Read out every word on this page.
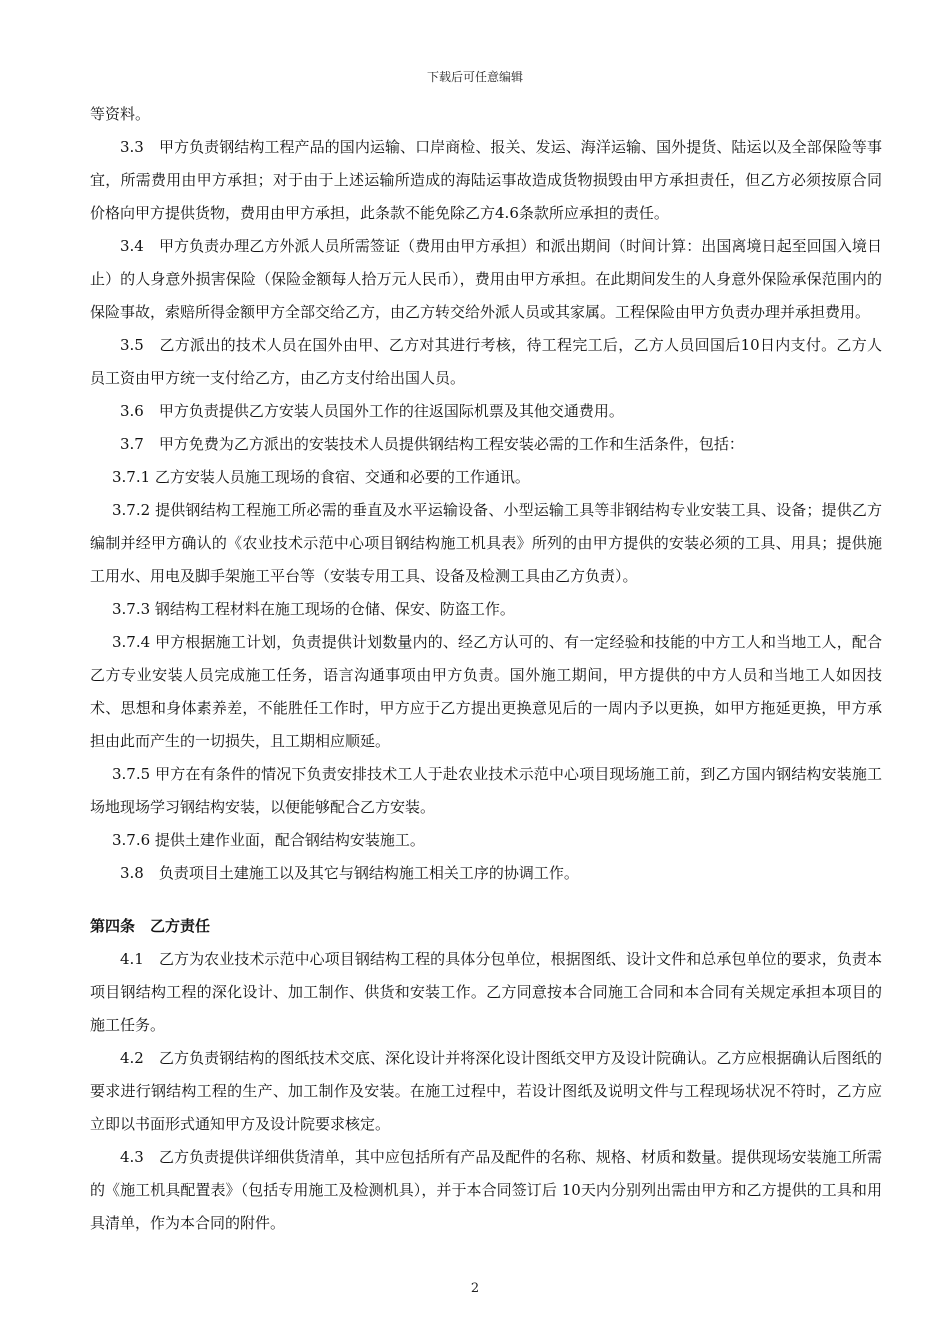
下载后可任意编辑

等资料。

3.3　甲方负责钢结构工程产品的国内运输、口岸商检、报关、发运、海洋运输、国外提货、陆运以及全部保险等事宜，所需费用由甲方承担；对于由于上述运输所造成的海陆运事故造成货物损毁由甲方承担责任，但乙方必须按原合同价格向甲方提供货物，费用由甲方承担，此条款不能免除乙方4.6条款所应承担的责任。

3.4　甲方负责办理乙方外派人员所需签证（费用由甲方承担）和派出期间（时间计算：出国离境日起至回国入境日止）的人身意外损害保险（保险金额每人拾万元人民币），费用由甲方承担。在此期间发生的人身意外保险承保范围内的保险事故，索赔所得金额甲方全部交给乙方，由乙方转交给外派人员或其家属。工程保险由甲方负责办理并承担费用。

3.5　乙方派出的技术人员在国外由甲、乙方对其进行考核，待工程完工后，乙方人员回国后10日内支付。乙方人员工资由甲方统一支付给乙方，由乙方支付给出国人员。

3.6　甲方负责提供乙方安装人员国外工作的往返国际机票及其他交通费用。

3.7　甲方免费为乙方派出的安装技术人员提供钢结构工程安装必需的工作和生活条件，包括：

3.7.1 乙方安装人员施工现场的食宿、交通和必要的工作通讯。

3.7.2 提供钢结构工程施工所必需的垂直及水平运输设备、小型运输工具等非钢结构专业安装工具、设备；提供乙方编制并经甲方确认的《农业技术示范中心项目钢结构施工机具表》所列的由甲方提供的安装必须的工具、用具；提供施工用水、用电及脚手架施工平台等（安装专用工具、设备及检测工具由乙方负责）。

3.7.3 钢结构工程材料在施工现场的仓储、保安、防盗工作。

3.7.4 甲方根据施工计划，负责提供计划数量内的、经乙方认可的、有一定经验和技能的中方工人和当地工人，配合乙方专业安装人员完成施工任务，语言沟通事项由甲方负责。国外施工期间，甲方提供的中方人员和当地工人如因技术、思想和身体素养差，不能胜任工作时，甲方应于乙方提出更换意见后的一周内予以更换，如甲方拖延更换，甲方承担由此而产生的一切损失，且工期相应顺延。

3.7.5 甲方在有条件的情况下负责安排技术工人于赴农业技术示范中心项目现场施工前，到乙方国内钢结构安装施工场地现场学习钢结构安装，以便能够配合乙方安装。

3.7.6 提供土建作业面，配合钢结构安装施工。

3.8　负责项目土建施工以及其它与钢结构施工相关工序的协调工作。

第四条　乙方责任

4.1　乙方为农业技术示范中心项目钢结构工程的具体分包单位，根据图纸、设计文件和总承包单位的要求，负责本项目钢结构工程的深化设计、加工制作、供货和安装工作。乙方同意按本合同施工合同和本合同有关规定承担本项目的施工任务。

4.2　乙方负责钢结构的图纸技术交底、深化设计并将深化设计图纸交甲方及设计院确认。乙方应根据确认后图纸的要求进行钢结构工程的生产、加工制作及安装。在施工过程中，若设计图纸及说明文件与工程现场状况不符时，乙方应立即以书面形式通知甲方及设计院要求核定。

4.3　乙方负责提供详细供货清单，其中应包括所有产品及配件的名称、规格、材质和数量。提供现场安装施工所需的《施工机具配置表》（包括专用施工及检测机具），并于本合同签订后 10天内分别列出需由甲方和乙方提供的工具和用具清单，作为本合同的附件。

2
